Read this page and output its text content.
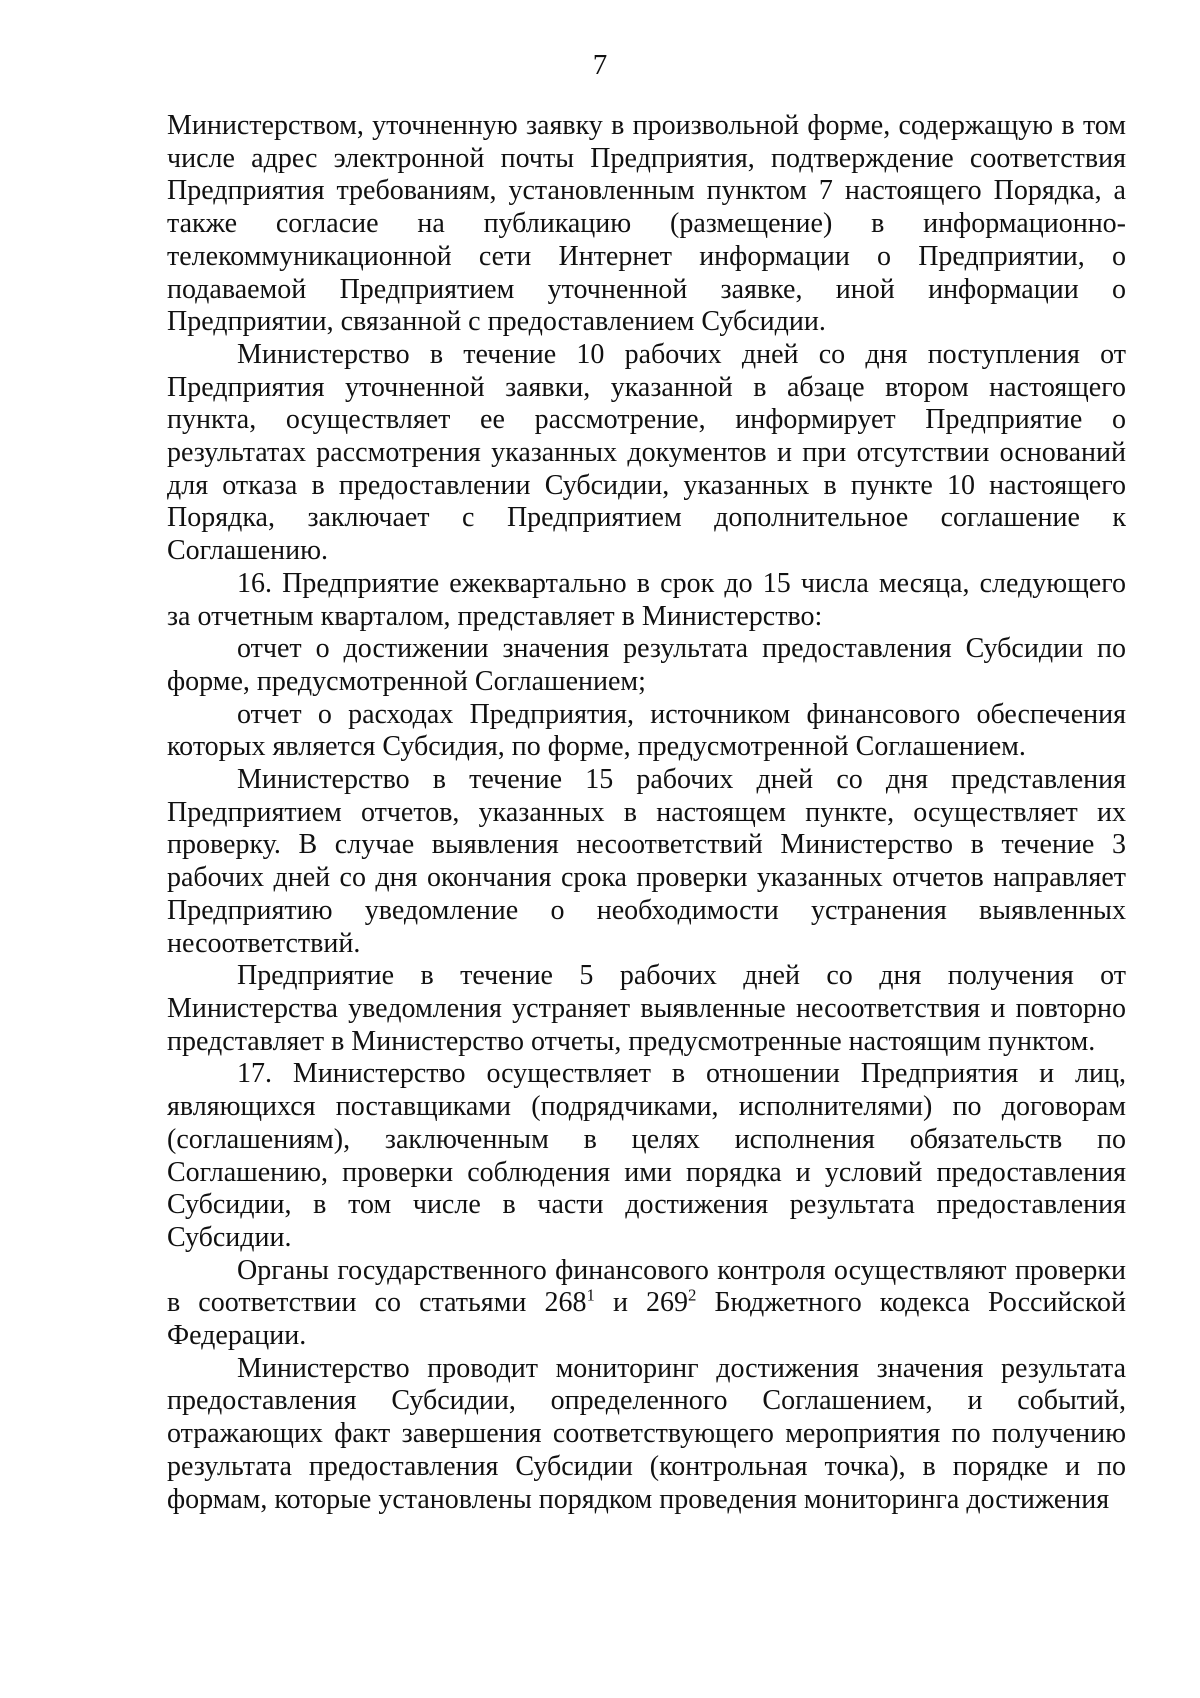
7

Министерством, уточненную заявку в произвольной форме, содержащую в том числе адрес электронной почты Предприятия, подтверждение соответствия Предприятия требованиям, установленным пунктом 7 настоящего Порядка, а также согласие на публикацию (размещение) в информационно-телекоммуникационной сети Интернет информации о Предприятии, о подаваемой Предприятием уточненной заявке, иной информации о Предприятии, связанной с предоставлением Субсидии.

Министерство в течение 10 рабочих дней со дня поступления от Предприятия уточненной заявки, указанной в абзаце втором настоящего пункта, осуществляет ее рассмотрение, информирует Предприятие о результатах рассмотрения указанных документов и при отсутствии оснований для отказа в предоставлении Субсидии, указанных в пункте 10 настоящего Порядка, заключает с Предприятием дополнительное соглашение к Соглашению.

16. Предприятие ежеквартально в срок до 15 числа месяца, следующего за отчетным кварталом, представляет в Министерство:

отчет о достижении значения результата предоставления Субсидии по форме, предусмотренной Соглашением;

отчет о расходах Предприятия, источником финансового обеспечения которых является Субсидия, по форме, предусмотренной Соглашением.

Министерство в течение 15 рабочих дней со дня представления Предприятием отчетов, указанных в настоящем пункте, осуществляет их проверку. В случае выявления несоответствий Министерство в течение 3 рабочих дней со дня окончания срока проверки указанных отчетов направляет Предприятию уведомление о необходимости устранения выявленных несоответствий.

Предприятие в течение 5 рабочих дней со дня получения от Министерства уведомления устраняет выявленные несоответствия и повторно представляет в Министерство отчеты, предусмотренные настоящим пунктом.

17. Министерство осуществляет в отношении Предприятия и лиц, являющихся поставщиками (подрядчиками, исполнителями) по договорам (соглашениям), заключенным в целях исполнения обязательств по Соглашению, проверки соблюдения ими порядка и условий предоставления Субсидии, в том числе в части достижения результата предоставления Субсидии.

Органы государственного финансового контроля осуществляют проверки в соответствии со статьями $268^1$ и $269^2$ Бюджетного кодекса Российской Федерации.

Министерство проводит мониторинг достижения значения результата предоставления Субсидии, определенного Соглашением, и событий, отражающих факт завершения соответствующего мероприятия по получению результата предоставления Субсидии (контрольная точка), в порядке и по формам, которые установлены порядком проведения мониторинга достижения
